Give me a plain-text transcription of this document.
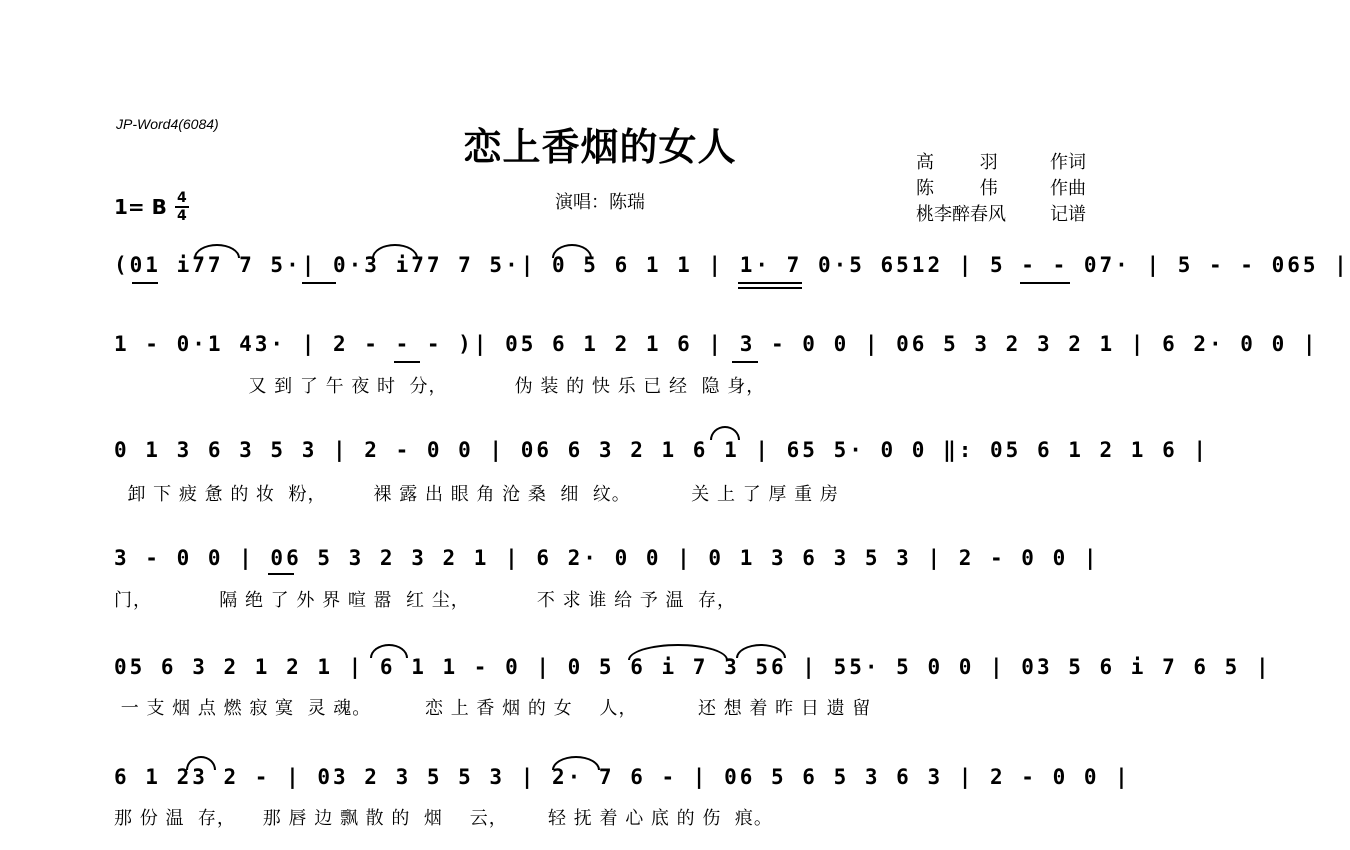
JP-Word4(6084)	恋上香烟的女人
演唱：陈瑞
1= B 4
4
高        羽	作词
陈        伟	作曲
桃李醉春风 记谱
(01 i77 7 5·| 0·3 i77 7 5·| 0 5 6 1 1 | 1· 7 0·5 6512 | 5 - - 07· | 5 - - 065 |
1 - 0·1 43· | 2 - - - )| 05 6 1 2 1 6 | 3 - 0 0 | 06 5 3 2 3 2 1 | 6 2· 0 0 |
又 到 了 午 夜 时  分，          伪 装 的 快 乐 已 经  隐 身，
0 1 3 6 3 5 3 | 2 - 0 0 | 06 6 3 2 1 6 1 | 65 5· 0 0 ‖: 05 6 1 2 1 6 |
卸 下 疲 惫 的 妆  粉，       裸 露 出 眼 角 沧 桑  细  纹。         关 上 了 厚 重 房
3 - 0 0 | 06 5 3 2 3 2 1 | 6 2· 0 0 | 0 1 3 6 3 5 3 | 2 - 0 0 |
门，          隔 绝 了 外 界 喧 嚣  红 尘，          不 求 谁 给 予 温  存，
05 6 3 2 1 2 1 | 6 1 1 - 0 | 0 5 6 i 7 3 56 | 55· 5 0 0 | 03 5 6 i 7 6 5 |
一 支 烟 点 燃 寂 寞  灵 魂。        恋 上 香 烟 的 女    人，         还 想 着 昨 日 遗 留
6 1 23 2 - | 03 2 3 5 5 3 | 2· 7 6 - | 06 5 6 5 3 6 3 | 2 - 0 0 |
那 份 温  存，    那 唇 边 飘 散 的  烟    云，      轻 抚 着 心 底 的 伤  痕。
